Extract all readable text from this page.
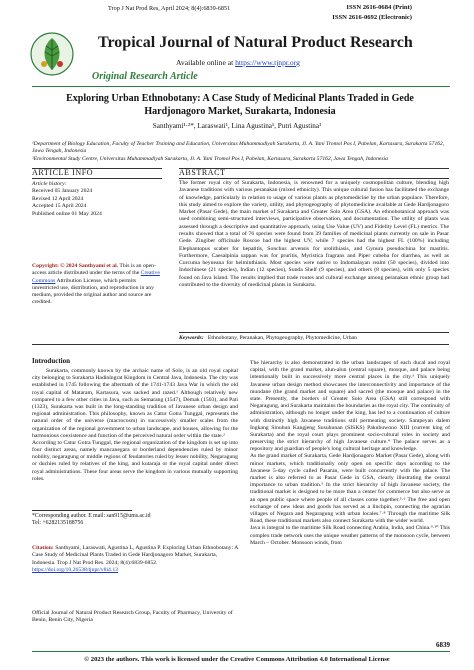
Trop J Nat Prod Res, April 2024; 8(4):6839-6851	ISSN 2616-0684 (Print)
ISSN 2616-0692 (Electronic)
Tropical Journal of Natural Product Research
Available online at https://www.tjnpr.org
Original Research Article
Exploring Urban Ethnobotany: A Case Study of Medicinal Plants Traded in Gede Hardjonagoro Market, Surakarta, Indonesia
Santhyami¹·²*, Laraswati¹, Lina Agustina¹, Putri Agustina¹
¹Department of Biology Education, Faculty of Teacher Training and Education, Universitas Muhammadiyah Surakarta, Jl. A. Yani Tromol Pos I, Pabelan, Kartasura, Surakarta 57162, Jawa Tengah, Indonesia
²Environmental Study Centre, Universitas Muhammadiyah Surakarta, Jl. A. Yani Tromol Pos I, Pabelan, Kartasura, Surakarta 57162, Jawa Tengah, Indonesia
ARTICLE INFO	ABSTRACT
Article history:
Received 05 January 2024
Revised 12 April 2024
Accepted 15 April 2024
Published online 01 May 2024
Copyright: © 2024 Santhyami et al. This is an open-access article distributed under the terms of the Creative Commons Attribution License, which permits unrestricted use, distribution, and reproduction in any medium, provided the original author and source are credited.
The former royal city of Surakarta, Indonesia, is renowned for a uniquely cosmopolitan culture, blending high Javanese traditions with various peranakan (mixed ethnicity). This unique cultural fusion has facilitated the exchange of knowledge, particularly in relation to usage of various plants as phytomedicine by the urban populace. Therefore, this study aimed to explore the variety, utility, and phytogeography of phytomedicine available at Gede Hardjonagoro Market (Pasar Gede), the main market of Surakarta and Greater Solo Area (GSA). An ethnobotanical approach was used combining semi-structured interviews, participative observation, and documentation. The utility of plants was assessed through a descriptive and quantitative approach, using Use Value (UV) and Fidelity Level (FL) metrics. The results showed that a total of 76 species were found from 39 families of medicinal plants currently on sale in Pasar Gede. Zingiber officinale Roscoe had the highest UV, while 7 species had the highest FL (100%) including Elephantopus scaber for hepatitis, Sonchus arvensis for urolithiasis, and Gynura pseudochina for mastitis. Furthermore, Caesalpinia sappan was for pruritis, Myristica fragrans and Piper cubeba for diarrhea, as well as Curcuma heyneana for helminthiasis. Most species were native to Indomalayan realm (50 species), divided into Indochinese (21 species), Indian (12 species), Sunda Shelf (9 species), and others (8 species), with only 5 species found on Java Island. The results implied that trade routes and cultural exchange among peranakan ethnic group had contributed to the diversity of medicinal plants in Surakarta.
Keywords: Ethnobotany, Peranakan, Phytogeography, Phytomedicine, Urban
Introduction

Surakarta, commonly known by the archaic name of Solo, is an old royal capital city belonging to Surakarta Hadiningrat Kingdom in Central Java, Indonesia. The city was established in 1745 following the aftermath of the 1741-1743 Java War in which the old royal capital of Mataram, Kartasura, was sacked and razed.¹ Although relatively new compared to a few other cities in Java, such as Semarang (1547), Demak (1503), and Pati (1323), Surakarta was built in the long-standing tradition of Javanese urban design and regional administration. This philosophy, known as Catur Gotra Tunggal, represents the natural order of the universe (macrocosm) in successively smaller scales from the organization of the regional government to urban landscape, and houses, allowing for the harmonious coexistence and function of the perceived natural order within the state.²

According to Catur Gotra Tunggal, the regional organization of the kingdom is set up into four distinct areas, namely mancanegara or borderland dependencies ruled by minor nobility, negaragung or middle regions of feudatories ruled by lesser nobility, Negaragung or duchies ruled by relatives of the king, and kutaraja or the royal capital under direct royal administrations. These four areas serve the kingdom in various mutually supporting roles.

*Corresponding author. E mail: san915@ums.ac.id
Tel: +6282135188756
Citation: Santhyami, Laraswati, Agustina L, Agustina P. Exploring Urban Ethnobotany: A Case Study of Medicinal Plants Traded in Gede Hardjonagoro Market, Surakarta, Indonesia. Trop J Nat Prod Res. 2024; 8(4):6839-6852. https://doi.org/10.26538/tjnpr/v8i4.13
Official Journal of Natural Product Research Group, Faculty of Pharmacy, University of Benin, Benin City, Nigeria

The hierarchy is also demonstrated in the urban landscapes of each ducal and royal capital, with the grand market, alun-alun (central square), mosque, and palace being intentionally built in successively more central places in the city.³ This uniquely Javanese urban design method showcases the interconnectivity and importance of the mundane (the grand market and square) and sacred (the mosque and palace) in the state. Presently, the borders of Greater Solo Area (GSA) still correspond with Negaragung, and Surakarta maintains the boundaries as the royal city. The continuity of administration, although no longer under the king, has led to a continuation of culture with distinctly high Javanese traditions still permeating society. Sampeyan dalem Ingkang Sinuhun Kangjeng Susuhunan (SISKS) Pakubuwono XIII (current king of Surakarta) and the royal court plays prominent socio-cultural roles in society and preserving the strict hierarchy of high Javanese culture.⁴ The palace serves as a repository and guardian of people's long cultural heritage and knowledge.

As the grand market of Surakarta, Gede Hardjonagoro Market (Pasar Gede), along with minor markets, which traditionally only open on specific days according to the Javanese 5-day cycle called Pasaran, were built concurrently with the palace. The market is also referred to as Pasar Gede in GSA, clearly illustrating the central importance to urban tradition.⁵ In the strict hierarchy of high Javanese society, the traditional market is designed to be more than a center for commerce but also serve as an open public space where people of all classes come together.⁵·⁶ The free and open exchange of new ideas and goods has served as a linchpin, connecting the agrarian villages of Negara and Negaragung with urban locales.⁷·⁸ Through the maritime Silk Road, these traditional markets also connect Surakarta with the wider world.

Java is integral to the maritime Silk Road connecting Arabia, India, and China.⁹·¹⁰ This complex trade network uses the unique weather patterns of the monsoon cycle, between March – October. Monsoon winds, from

6839
© 2023 the authors. This work is licensed under the Creative Commons Attribution 4.0 International License
